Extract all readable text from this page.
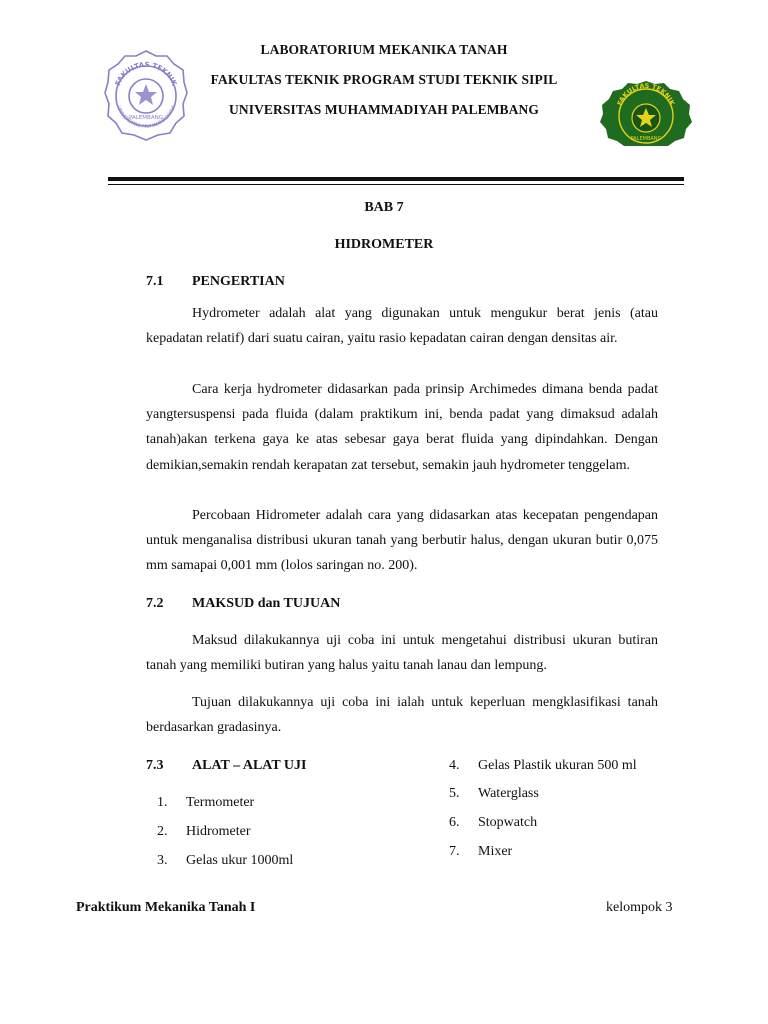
FAKULTAS TEKNIK
UNIVERSITAS MUHAMMADIYAH
PALEMBANG
FAKULTAS TEKNIK
PALEMBANG
LABORATORIUM MEKANIKA TANAH
FAKULTAS TEKNIK PROGRAM STUDI TEKNIK SIPIL
UNIVERSITAS MUHAMMADIYAH PALEMBANG
BAB 7
HIDROMETER
7.1 PENGERTIAN

Hydrometer adalah alat yang digunakan untuk mengukur berat jenis (atau kepadatan relatif) dari suatu cairan, yaitu rasio kepadatan cairan dengan densitas air.

Cara kerja hydrometer didasarkan pada prinsip Archimedes dimana benda padat yangtersuspensi pada fluida (dalam praktikum ini, benda padat yang dimaksud adalah tanah)akan terkena gaya ke atas sebesar gaya berat fluida yang dipindahkan. Dengan demikian,semakin rendah kerapatan zat tersebut, semakin jauh hydrometer tenggelam.

Percobaan Hidrometer adalah cara yang didasarkan atas kecepatan pengendapan untuk menganalisa distribusi ukuran tanah yang berbutir halus, dengan ukuran butir 0,075 mm samapai 0,001 mm (lolos saringan no. 200).

7.2 MAKSUD dan TUJUAN

Maksud dilakukannya uji coba ini untuk mengetahui distribusi ukuran butiran tanah yang memiliki butiran yang halus yaitu tanah lanau dan lempung.

Tujuan dilakukannya uji coba ini ialah untuk keperluan mengklasifikasi tanah berdasarkan gradasinya.

7.3 ALAT – ALAT UJI
1. Termometer
2. Hidrometer
3. Gelas ukur 1000ml
4. Gelas Plastik ukuran 500 ml
5. Waterglass
6. Stopwatch
7. Mixer
Praktikum Mekanika Tanah I	kelompok 3
